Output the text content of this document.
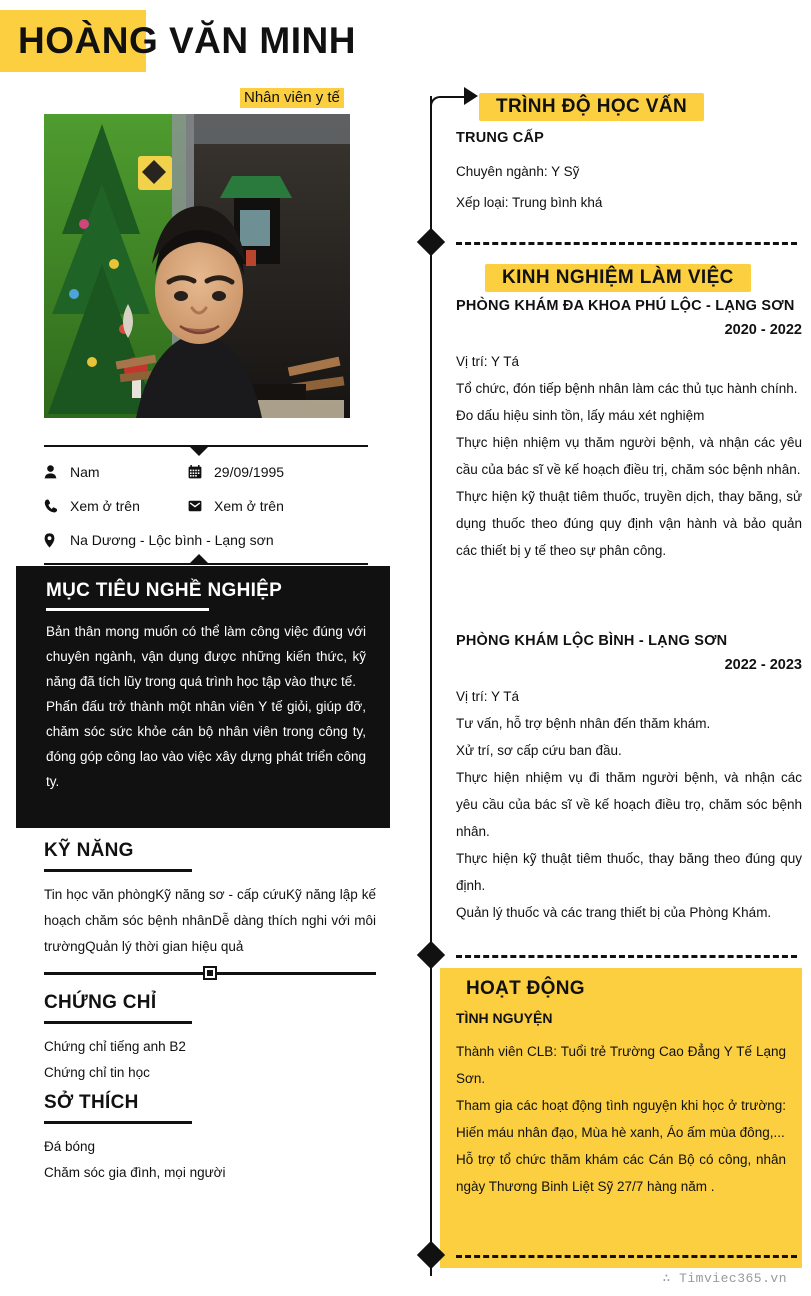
HOÀNG VĂN MINH
Nhân viên y tế
Nam	29/09/1995
Xem ở trên	Xem ở trên
Na Dương - Lộc bình - Lạng sơn
MỤC TIÊU NGHỀ NGHIỆP

Bản thân mong muốn có thể làm công việc đúng với chuyên ngành, vận dụng được những kiến thức, kỹ năng đã tích lũy trong quá trình học tập vào thực tế.

Phấn đấu trở thành một nhân viên Y tế giỏi, giúp đỡ, chăm sóc sức khỏe cán bộ nhân viên trong công ty, đóng góp công lao vào việc xây dựng phát triển công ty.

KỸ NĂNG

Tin học văn phòngKỹ năng sơ - cấp cứuKỹ năng lập kế hoạch chăm sóc bệnh nhânDễ dàng thích nghi với môi trườngQuản lý thời gian hiệu quả

CHỨNG CHỈ
Chứng chỉ tiếng anh B2
Chứng chỉ tin học
SỞ THÍCH
Đá bóng
Chăm sóc gia đình, mọi người
TRÌNH ĐỘ HỌC VẤN

TRUNG CẤP

Chuyên ngành: Y Sỹ
Xếp loại: Trung bình khá

KINH NGHIỆM LÀM VIỆC

PHÒNG KHÁM ĐA KHOA PHÚ LỘC - LẠNG SƠN

2020 - 2022

Vị trí: Y Tá
Tổ chức, đón tiếp bệnh nhân làm các thủ tục hành chính.
Đo dấu hiệu sinh tồn, lấy máu xét nghiệm
Thực hiện nhiệm vụ thăm người bệnh, và nhận các yêu cầu của bác sĩ về kế hoạch điều trị, chăm sóc bệnh nhân.
Thực hiện kỹ thuật tiêm thuốc, truyền dịch, thay băng, sử dụng thuốc theo đúng quy định vận hành và bảo quản các thiết bị y tế theo sự phân công.

PHÒNG KHÁM LỘC BÌNH - LẠNG SƠN

2022 - 2023

Vị trí: Y Tá
Tư vấn, hỗ trợ bệnh nhân đến thăm khám.
Xử trí, sơ cấp cứu ban đầu.
Thực hiện nhiệm vụ đi thăm người bệnh, và nhận các yêu cầu của bác sĩ về kế hoạch điều trọ, chăm sóc bệnh nhân.
Thực hiện kỹ thuật tiêm thuốc, thay băng theo đúng quy định.
Quản lý thuốc và các trang thiết bị của Phòng Khám.

HOẠT ĐỘNG

TÌNH NGUYỆN

Thành viên CLB: Tuổi trẻ Trường Cao Đẳng Y Tế Lạng Sơn.

Tham gia các hoạt động tình nguyện khi học ở trường: Hiến máu nhân đạo, Mùa hè xanh, Áo ấm mùa đông,...

Hỗ trợ tổ chức thăm khám các Cán Bộ có công, nhân ngày Thương Binh Liệt Sỹ 27/7 hàng năm .

∴ Timviec365.vn
